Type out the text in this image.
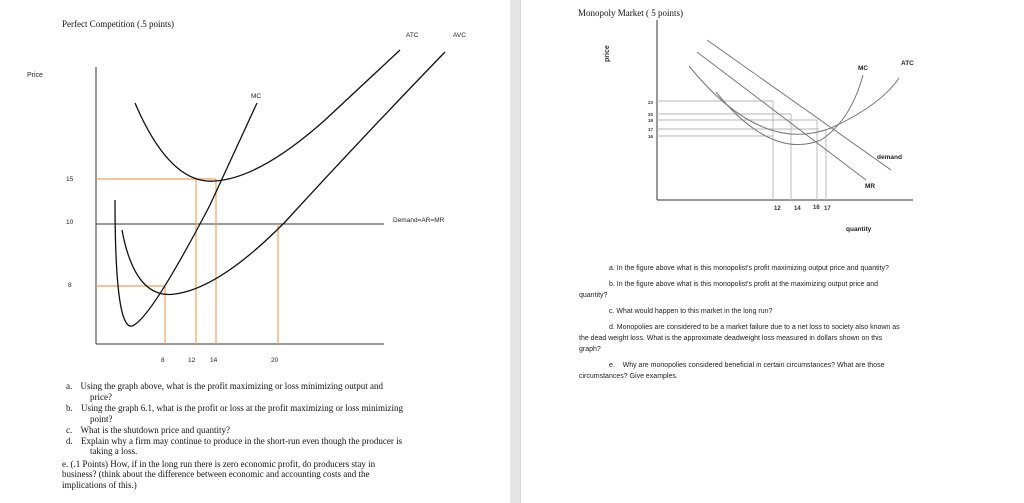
Perfect Competition (.5 points)
Price
ATC	AVC
MC
Demand=AR=MR
15
10
8
8	12 14	20
a. Using the graph above, what is the profit maximizing or loss minimizing output and
price?
b. Using the graph 6.1, what is the profit or loss at the profit maximizing or loss minimizing
point?
c. What is the shutdown price and quantity?
d. Explain why a firm may continue to produce in the short-run even though the producer is
taking a loss.
e. (.1 Points) How, if in the long run there is zero economic profit, do producers stay in
business? (think about the difference between economic and accounting costs and the
implications of this.)
Monopoly Market ( 5 points)
price
23
20
19
17
16
MC
ATC
demand
MR
12 14 16 17
quantity
a. In the figure above what is this monopolist's profit maximizing output price and quantity?
b. In the figure above what is this monopolist's profit at the maximizing output price and
quantity?
c. What would happen to this market in the long run?
d. Monopolies are considered to be a market failure due to a net loss to society also known as
the dead weight loss. What is the approximate deadweight loss measured in dollars shown on this
graph?
e.    Why are monopolies considered beneficial in certain circumstances? What are those
circumstances? Give examples.
